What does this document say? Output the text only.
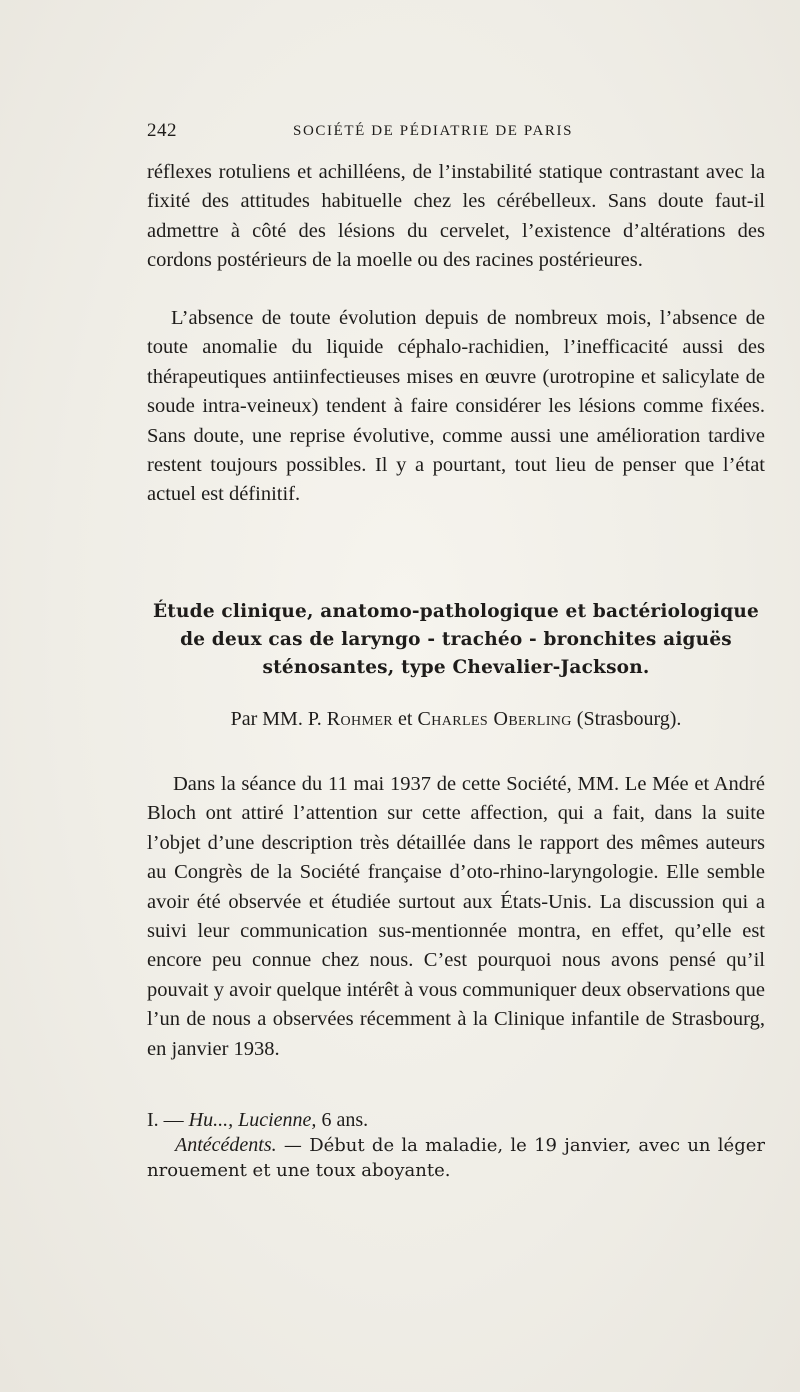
242	SOCIÉTÉ DE PÉDIATRIE DE PARIS

réflexes rotuliens et achilléens, de l’instabilité statique contrastant avec la fixité des attitudes habituelle chez les cérébelleux. Sans doute faut-il admettre à côté des lésions du cervelet, l’existence d’altérations des cordons postérieurs de la moelle ou des racines postérieures.

L’absence de toute évolution depuis de nombreux mois, l’absence de toute anomalie du liquide céphalo-rachidien, l’inefficacité aussi des thérapeutiques antiinfectieuses mises en œuvre (urotropine et salicylate de soude intra-veineux) tendent à faire considérer les lésions comme fixées. Sans doute, une reprise évolutive, comme aussi une amélioration tardive restent toujours possibles. Il y a pourtant, tout lieu de penser que l’état actuel est définitif.

Étude clinique, anatomo-pathologique et bactériologique
de deux cas de laryngo - trachéo - bronchites aiguës
sténosantes, type Chevalier-Jackson.
Par MM. P. Rohmer et Charles Oberling (Strasbourg).

Dans la séance du 11 mai 1937 de cette Société, MM. Le Mée et André Bloch ont attiré l’attention sur cette affection, qui a fait, dans la suite l’objet d’une description très détaillée dans le rapport des mêmes auteurs au Congrès de la Société française d’oto-rhino-laryngologie. Elle semble avoir été observée et étudiée surtout aux États-Unis. La discussion qui a suivi leur communication sus-mentionnée montra, en effet, qu’elle est encore peu connue chez nous. C’est pourquoi nous avons pensé qu’il pouvait y avoir quelque intérêt à vous communiquer deux observations que l’un de nous a observées récemment à la Clinique infantile de Strasbourg, en janvier 1938.

I. — Hu..., Lucienne, 6 ans.
Antécédents. — Début de la maladie, le 19 janvier, avec un léger nrouement et une toux aboyante.
